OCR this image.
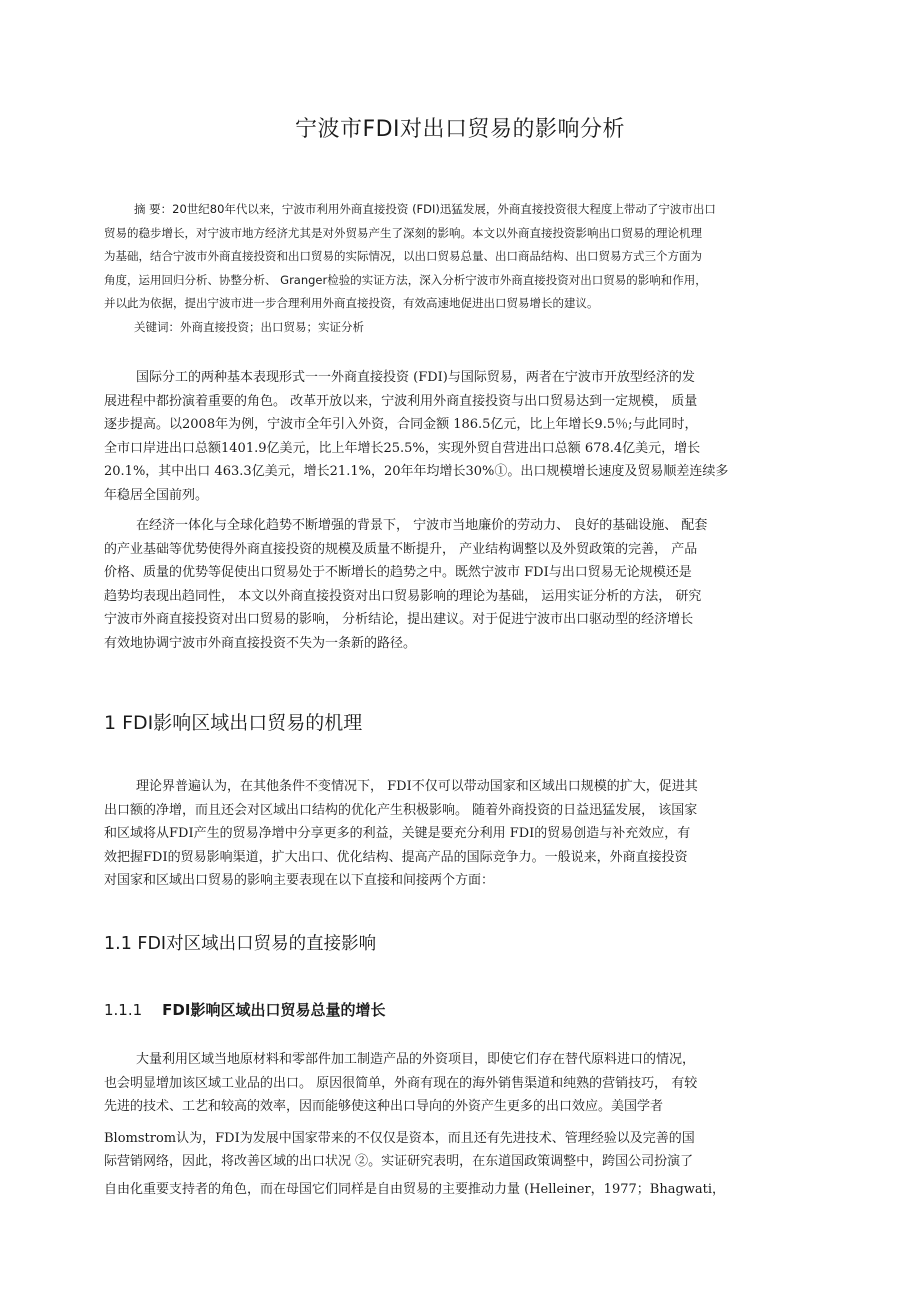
宁波市FDI对出口贸易的影响分析
摘 要：20世纪80年代以来，宁波市利用外商直接投资 (FDI)迅猛发展，外商直接投资很大程度上带动了宁波市出口
贸易的稳步增长，对宁波市地方经济尤其是对外贸易产生了深刻的影响。本文以外商直接投资影响出口贸易的理论机理
为基础，结合宁波市外商直接投资和出口贸易的实际情况，以出口贸易总量、出口商品结构、出口贸易方式三个方面为
角度，运用回归分析、协整分析、 Granger检验的实证方法，深入分析宁波市外商直接投资对出口贸易的影响和作用，
并以此为依据，提出宁波市进一步合理利用外商直接投资，有效高速地促进出口贸易增长的建议。
关键词：外商直接投资；出口贸易；实证分析
国际分工的两种基本表现形式一一外商直接投资 (FDI)与国际贸易，两者在宁波市开放型经济的发
展进程中都扮演着重要的角色。 改革开放以来，宁波利用外商直接投资与出口贸易达到一定规模， 质量
逐步提高。以2008年为例，宁波市全年引入外资，合同金额 186.5亿元，比上年增长9.5％;与此同时，
全市口岸进出口总额1401.9亿美元，比上年增长25.5%，实现外贸自营进出口总额 678.4亿美元，增长
20.1%，其中出口 463.3亿美元，增长21.1%，20年年均增长30%①。出口规模增长速度及贸易顺差连续多
年稳居全国前列。
在经济一体化与全球化趋势不断增强的背景下， 宁波市当地廉价的劳动力、 良好的基础设施、 配套
的产业基础等优势使得外商直接投资的规模及质量不断提升， 产业结构调整以及外贸政策的完善， 产品
价格、质量的优势等促使出口贸易处于不断增长的趋势之中。既然宁波市 FDI与出口贸易无论规模还是
趋势均表现出趋同性， 本文以外商直接投资对出口贸易影响的理论为基础， 运用实证分析的方法， 研究
宁波市外商直接投资对出口贸易的影响， 分析结论，提出建议。对于促进宁波市出口驱动型的经济增长
有效地协调宁波市外商直接投资不失为一条新的路径。
1 FDI影响区域出口贸易的机理
理论界普遍认为，在其他条件不变情况下， FDI不仅可以带动国家和区域出口规模的扩大，促进其
出口额的净增，而且还会对区域出口结构的优化产生积极影响。 随着外商投资的日益迅猛发展， 该国家
和区域将从FDI产生的贸易净增中分享更多的利益，关键是要充分利用 FDI的贸易创造与补充效应，有
效把握FDI的贸易影响渠道，扩大出口、优化结构、提高产品的国际竞争力。一般说来，外商直接投资
对国家和区域出口贸易的影响主要表现在以下直接和间接两个方面：
1.1 FDI对区域出口贸易的直接影响
1.1.1 FDI影响区域出口贸易总量的增长
大量利用区域当地原材料和零部件加工制造产品的外资项目，即使它们存在替代原料进口的情况，
也会明显增加该区域工业品的出口。 原因很简单，外商有现在的海外销售渠道和纯熟的营销技巧， 有较
先进的技术、工艺和较高的效率，因而能够使这种出口导向的外资产生更多的出口效应。美国学者
Blomstrom认为，FDI为发展中国家带来的不仅仅是资本，而且还有先进技术、管理经验以及完善的国
际营销网络，因此，将改善区域的出口状况 ②。实证研究表明，在东道国政策调整中，跨国公司扮演了
自由化重要支持者的角色，而在母国它们同样是自由贸易的主要推动力量 (Helleiner，1977；Bhagwati，
